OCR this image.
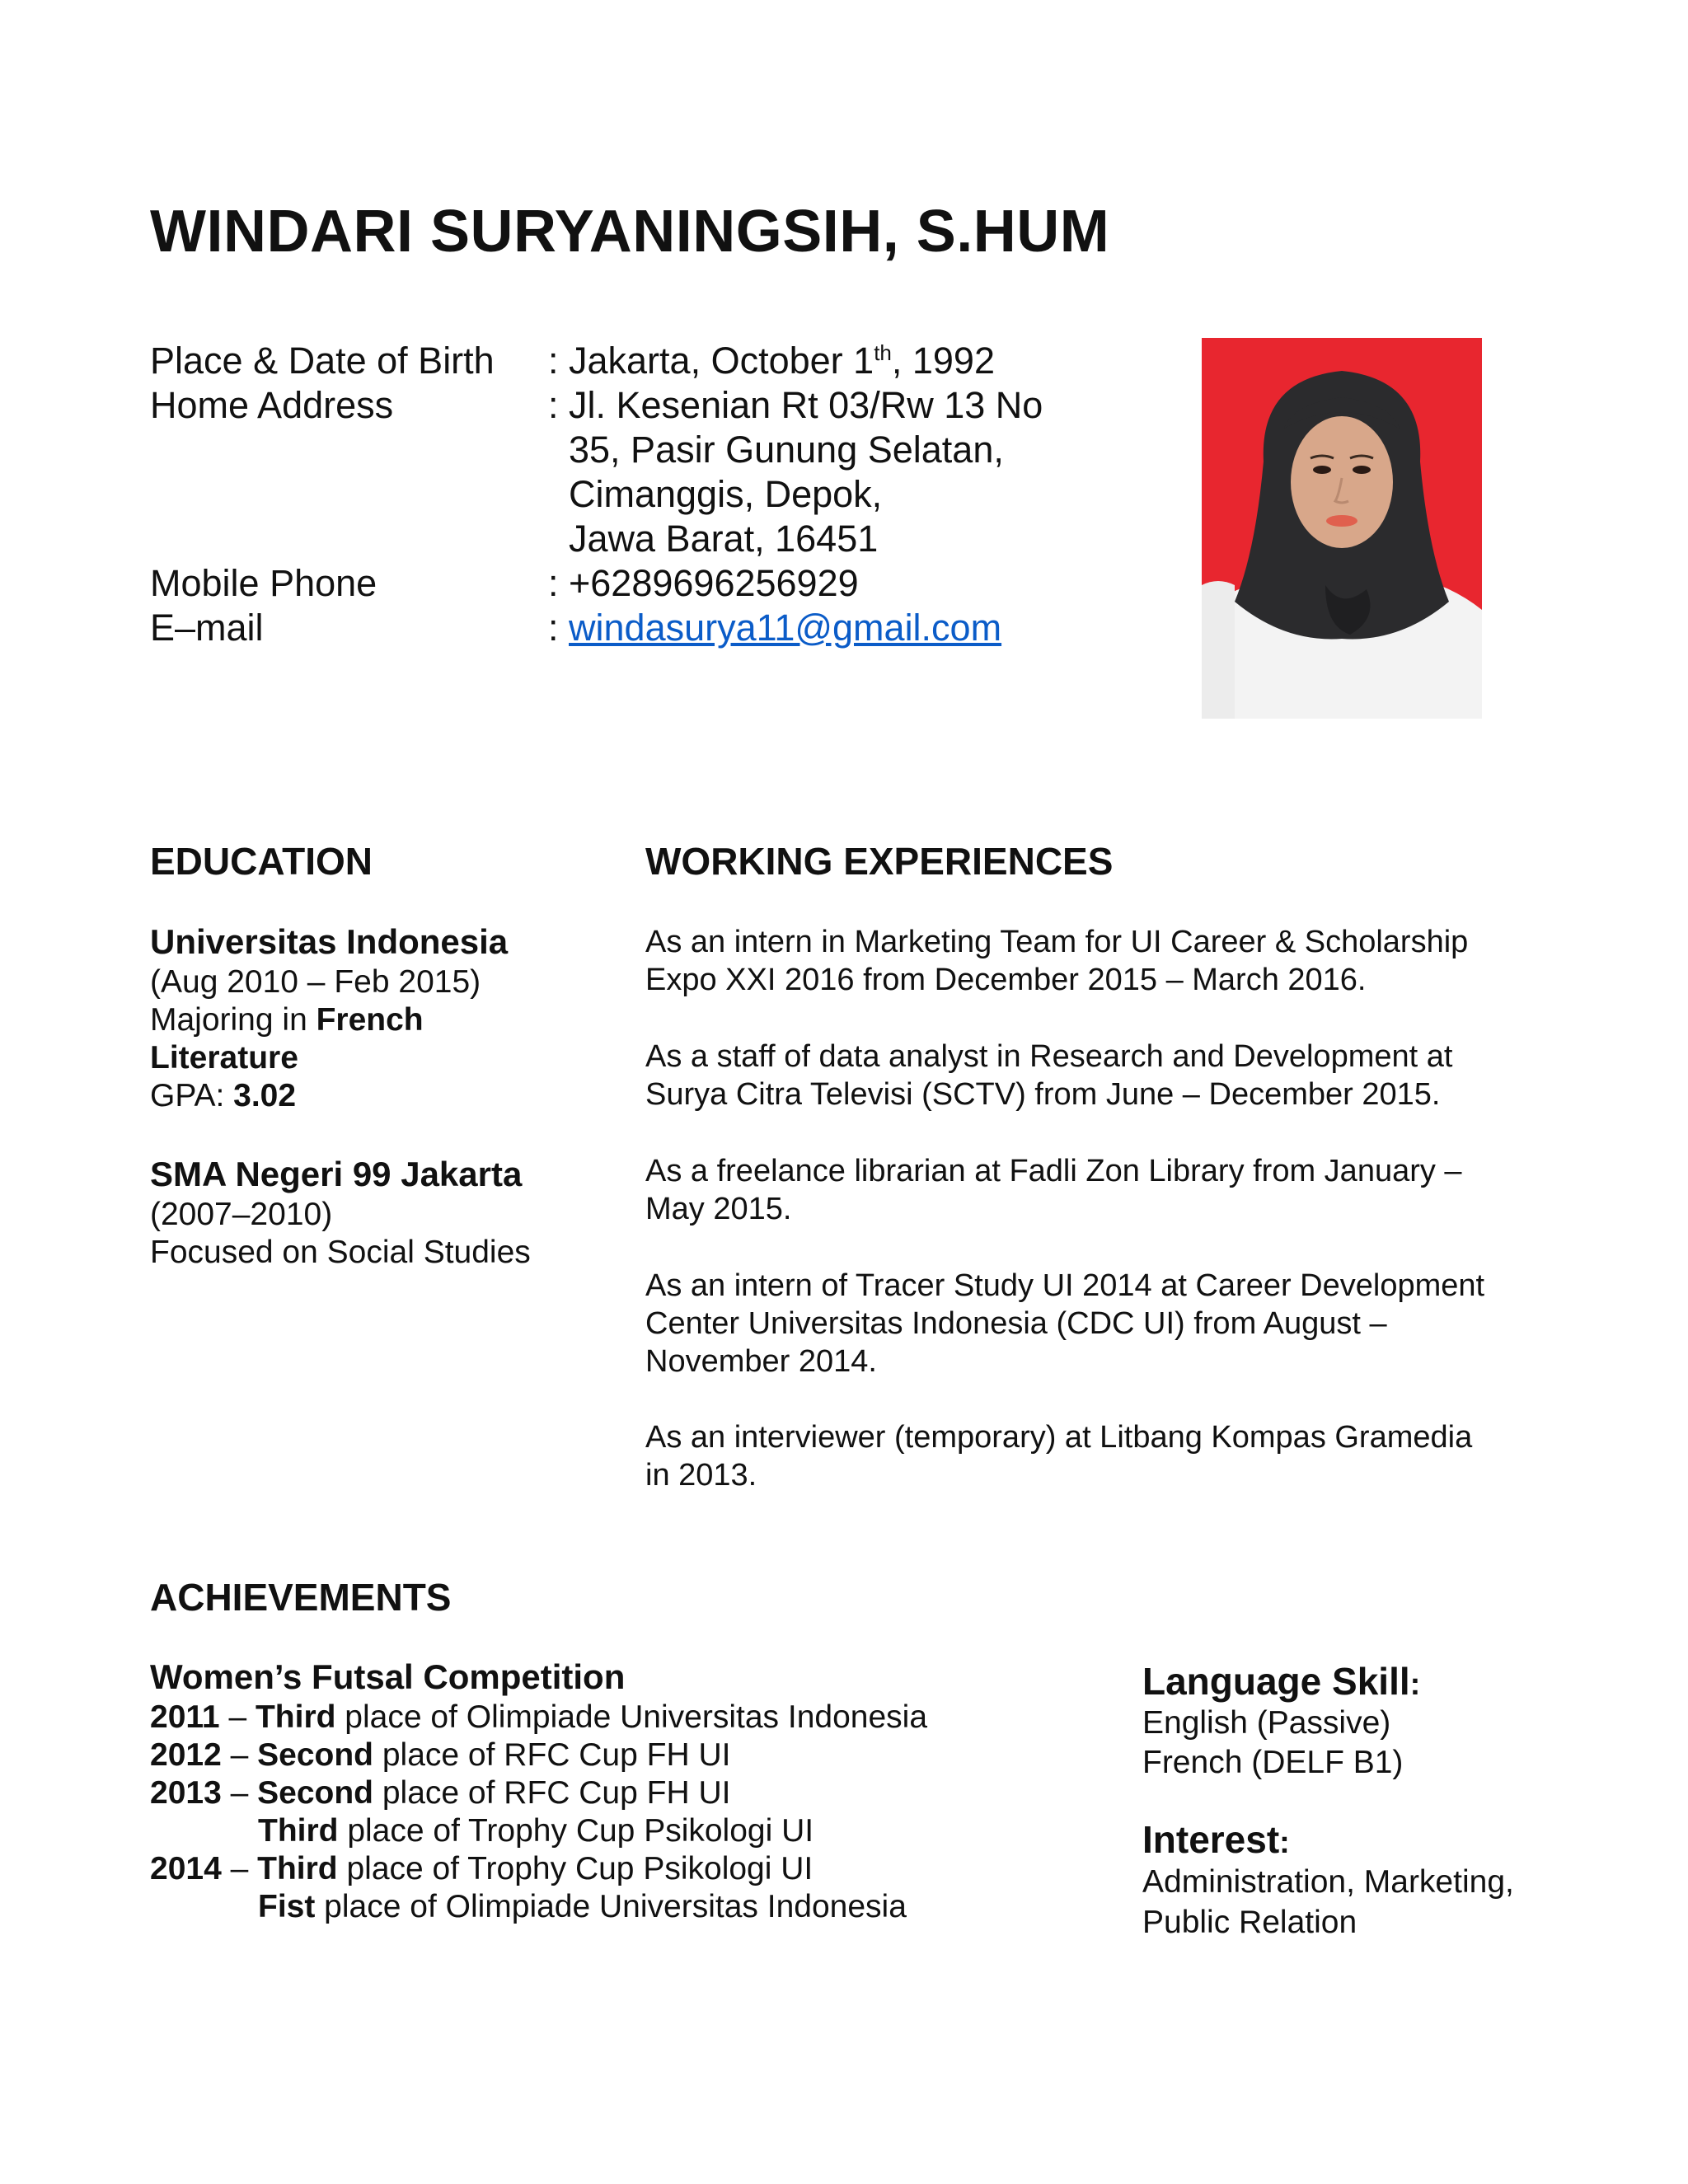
WINDARI SURYANINGSIH, S.HUM
Place & Date of Birth : Jakarta, October 1th, 1992
Home Address	: Jl. Kesenian Rt 03/Rw 13 No
35, Pasir Gunung Selatan,
Cimanggis, Depok,
Jawa Barat, 16451
Mobile Phone	: +6289696256929
E–mail	: windasurya11@gmail.com
EDUCATION
Universitas Indonesia
(Aug 2010 – Feb 2015)
Majoring in French
Literature
GPA: 3.02
SMA Negeri 99 Jakarta
(2007–2010)
Focused on Social Studies
WORKING EXPERIENCES
As an intern in Marketing Team for UI Career & Scholarship
Expo XXI 2016 from December 2015 – March 2016.
As a staff of data analyst in Research and Development at
Surya Citra Televisi (SCTV) from June – December 2015.
As a freelance librarian at Fadli Zon Library from January –
May 2015.
As an intern of Tracer Study UI 2014 at Career Development
Center Universitas Indonesia (CDC UI) from August –
November 2014.
As an interviewer (temporary) at Litbang Kompas Gramedia
in 2013.
ACHIEVEMENTS
Women’s Futsal Competition
2011 – Third place of Olimpiade Universitas Indonesia
2012 – Second place of RFC Cup FH UI
2013 – Second place of RFC Cup FH UI
Third place of Trophy Cup Psikologi UI
2014 – Third place of Trophy Cup Psikologi UI
Fist place of Olimpiade Universitas Indonesia
Language Skill:
English (Passive)
French (DELF B1)
Interest:
Administration, Marketing,
Public Relation
